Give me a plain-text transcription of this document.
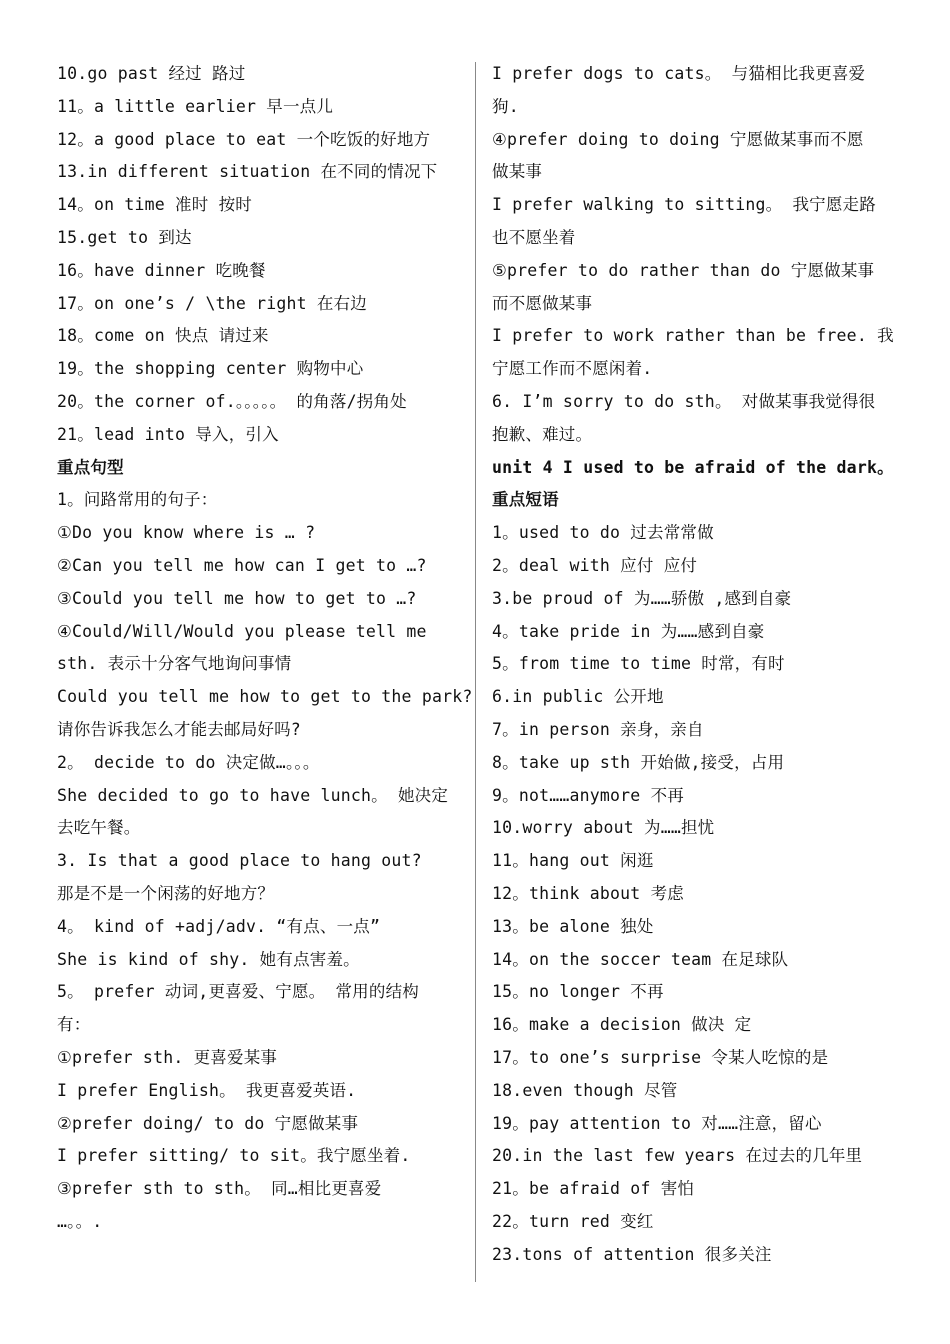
10.go past 经过 路过
11。a little earlier 早一点儿
12。a good place to eat 一个吃饭的好地方
13.in different situation 在不同的情况下
14。on time 准时 按时
15.get to 到达
16。have dinner 吃晚餐
17。on one’s / \the right 在右边
18。come on 快点 请过来
19。the shopping center 购物中心
20。the corner of.。。。。。 的角落/拐角处
21。lead into 导入，引入
重点句型
1。问路常用的句子：
①Do you know where is … ?
②Can you tell me how can I get to …?
③Could you tell me how to get to …?
④Could/Will/Would you please tell me
sth. 表示十分客气地询问事情
Could you tell me how to get to the park?
请你告诉我怎么才能去邮局好吗?
2。 decide to do 决定做…。。。
She decided to go to have lunch。 她决定
去吃午餐。
3. Is that a good place to hang out?
那是不是一个闲荡的好地方？
4。 kind of +adj/adv. “有点、一点”
She is kind of shy. 她有点害羞。
5。 prefer 动词,更喜爱、宁愿。 常用的结构
有：
①prefer sth. 更喜爱某事
I prefer English。 我更喜爱英语.
②prefer doing/ to do 宁愿做某事
I prefer sitting/ to sit。我宁愿坐着.
③prefer sth to sth。 同…相比更喜爱
…。。.
I prefer dogs to cats。 与猫相比我更喜爱
狗.
④prefer doing to doing 宁愿做某事而不愿
做某事
I prefer walking to sitting。 我宁愿走路
也不愿坐着
⑤prefer to do rather than do 宁愿做某事
而不愿做某事
I prefer to work rather than be free. 我
宁愿工作而不愿闲着.
6. I’m sorry to do sth。 对做某事我觉得很
抱歉、难过。
unit 4 I used to be afraid of the dark。
重点短语
1。used to do 过去常常做
2。deal with 应付 应付
3.be proud of 为……骄傲 ,感到自豪
4。take pride in 为……感到自豪
5。from time to time 时常，有时
6.in public 公开地
7。in person 亲身，亲自
8。take up sth 开始做,接受，占用
9。not……anymore 不再
10.worry about 为……担忧
11。hang out 闲逛
12。think about 考虑
13。be alone 独处
14。on the soccer team 在足球队
15。no longer 不再
16。make a decision 做决 定
17。to one’s surprise 令某人吃惊的是
18.even though 尽管
19。pay attention to 对……注意，留心
20.in the last few years 在过去的几年里
21。be afraid of 害怕
22。turn red 变红
23.tons of attention 很多关注
